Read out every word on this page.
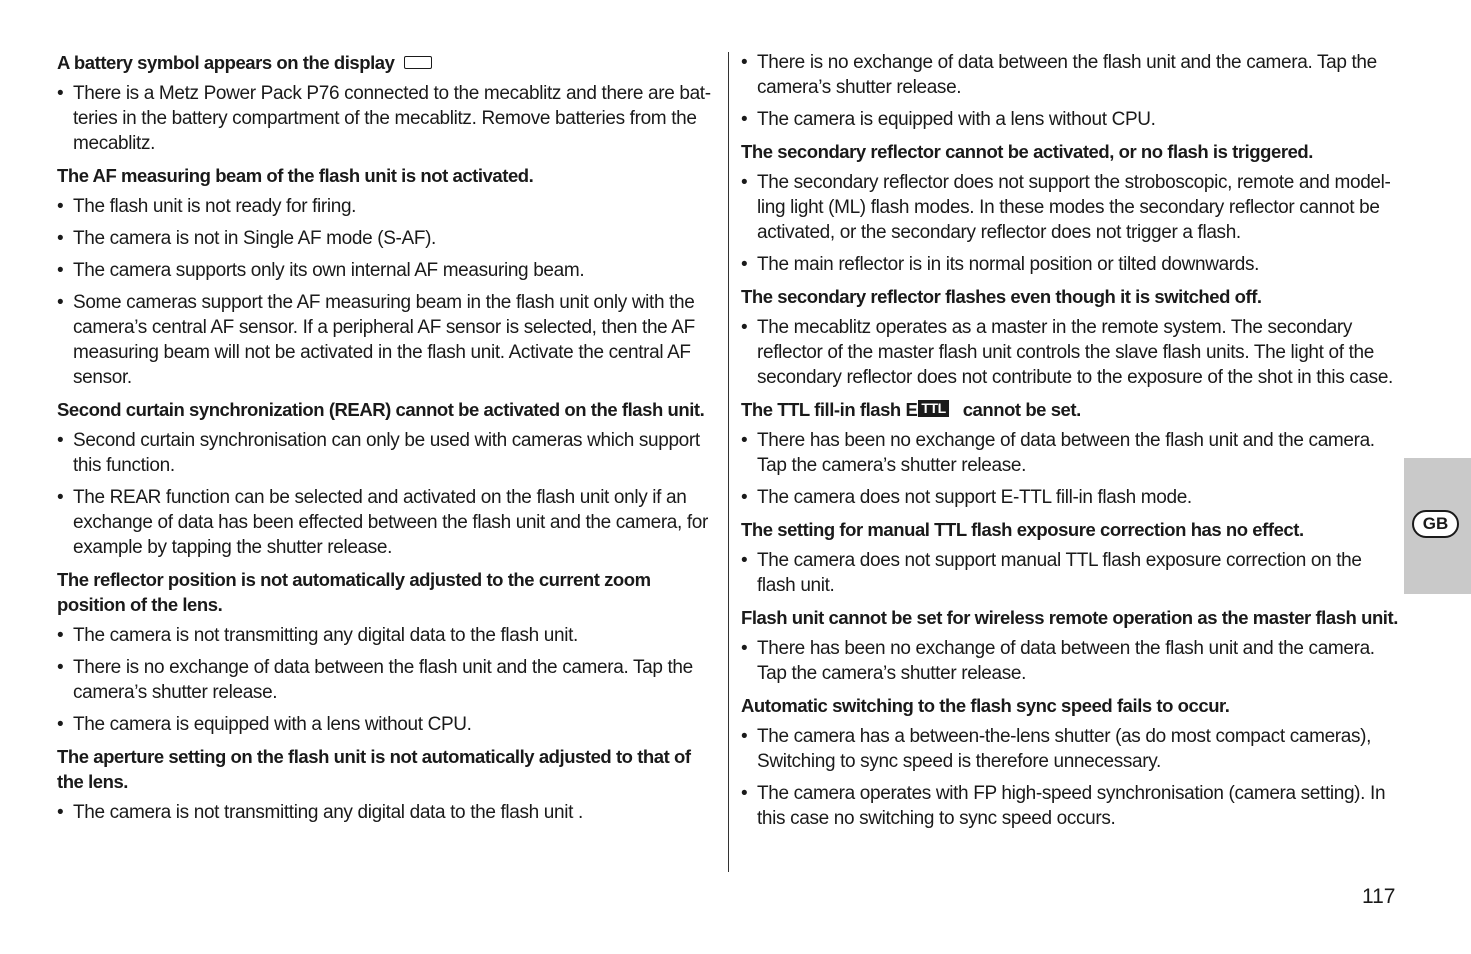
A battery symbol appears on the display
• There is a Metz Power Pack P76 connected to the mecablitz and there are batteries in the battery compartment of the mecablitz. Remove batteries from the mecablitz.
The AF measuring beam of the flash unit is not activated.
• The flash unit is not ready for firing.
• The camera is not in Single AF mode (S-AF).
• The camera supports only its own internal AF measuring beam.
• Some cameras support the AF measuring beam in the flash unit only with the camera’s central AF sensor. If a peripheral AF sensor is selected, then the AF measuring beam will not be activated in the flash unit. Activate the central AF sensor.
Second curtain synchronization (REAR) cannot be activated on the flash unit.
• Second curtain synchronisation can only be used with cameras which support this function.
• The REAR function can be selected and activated on the flash unit only if an exchange of data has been effected between the flash unit and the camera, for example by tapping the shutter release.
The reflector position is not automatically adjusted to the current zoom position of the lens.
• The camera is not transmitting any digital data to the flash unit.
• There is no exchange of data between the flash unit and the camera. Tap the camera’s shutter release.
• The camera is equipped with a lens without CPU.
The aperture setting on the flash unit is not automatically adjusted to that of the lens.
• The camera is not transmitting any digital data to the flash unit .
• There is no exchange of data between the flash unit and the camera. Tap the camera’s shutter release.
• The camera is equipped with a lens without CPU.
The secondary reflector cannot be activated, or no flash is triggered.
• The secondary reflector does not support the stroboscopic, remote and modelling light (ML) flash modes. In these modes the secondary reflector cannot be activated, or the secondary reflector does not trigger a flash.
• The main reflector is in its normal position or tilted downwards.
The secondary reflector flashes even though it is switched off.
• The mecablitz operates as a master in the remote system. The secondary reflector of the master flash unit controls the slave flash units. The light of the secondary reflector does not contribute to the exposure of the shot in this case.
The TTL fill-in flash E TTL cannot be set.
• There has been no exchange of data between the flash unit and the camera. Tap the camera’s shutter release.
• The camera does not support E-TTL fill-in flash mode.
The setting for manual TTL flash exposure correction has no effect.
• The camera does not support manual TTL flash exposure correction on the flash unit.
Flash unit cannot be set for wireless remote operation as the master flash unit.
• There has been no exchange of data between the flash unit and the camera. Tap the camera’s shutter release.
Automatic switching to the flash sync speed fails to occur.
• The camera has a between-the-lens shutter (as do most compact cameras), Switching to sync speed is therefore unnecessary.
• The camera operates with FP high-speed synchronisation (camera setting). In this case no switching to sync speed occurs.
GB
117
